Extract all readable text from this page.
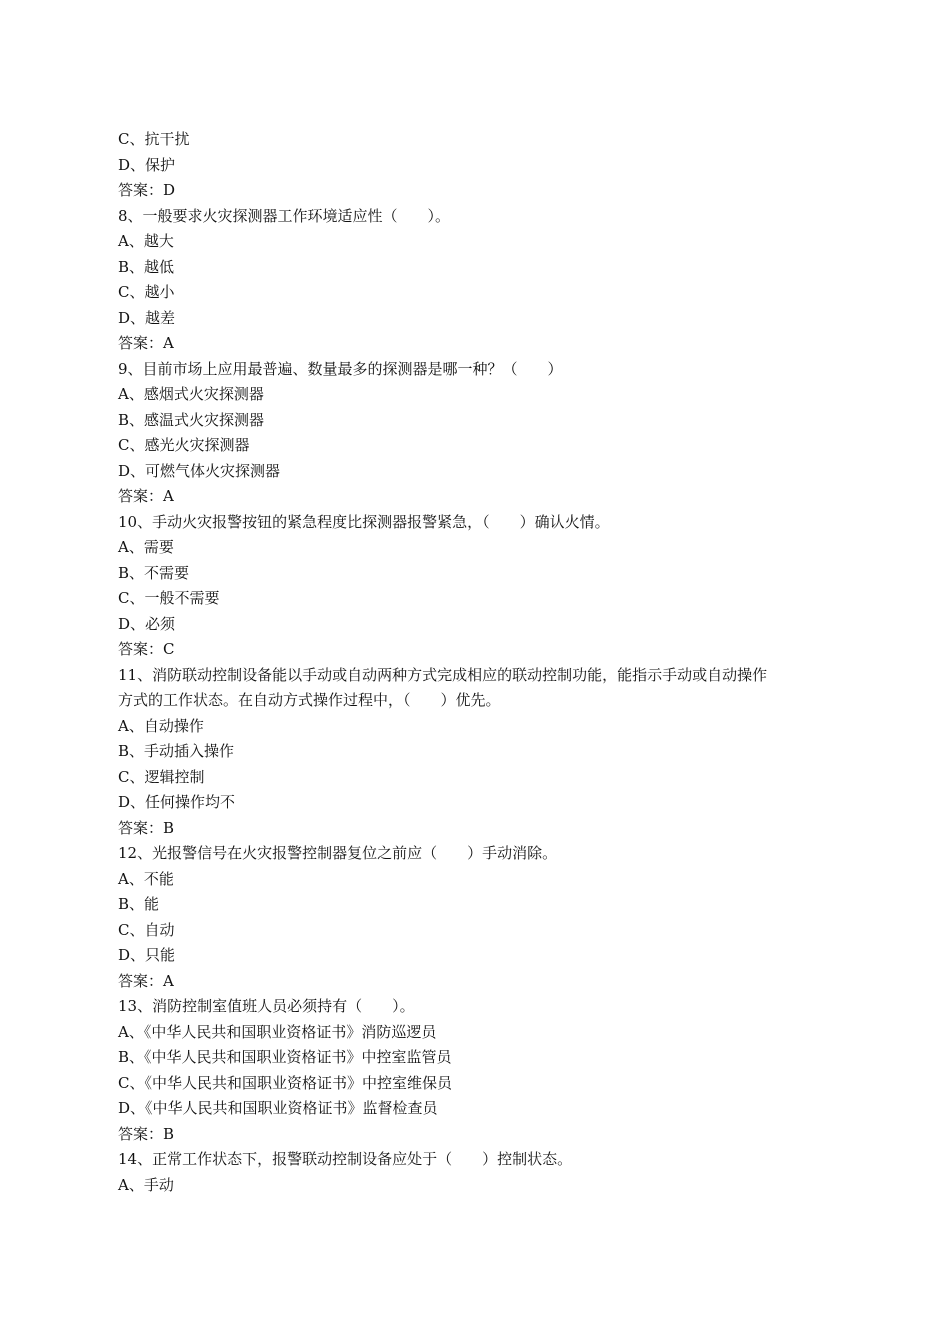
C、抗干扰
D、保护
答案：D
8、一般要求火灾探测器工作环境适应性（　　）。
A、越大
B、越低
C、越小
D、越差
答案：A
9、目前市场上应用最普遍、数量最多的探测器是哪一种？（　　）
A、感烟式火灾探测器
B、感温式火灾探测器
C、感光火灾探测器
D、可燃气体火灾探测器
答案：A
10、手动火灾报警按钮的紧急程度比探测器报警紧急，（　　）确认火情。
A、需要
B、不需要
C、一般不需要
D、必须
答案：C
11、消防联动控制设备能以手动或自动两种方式完成相应的联动控制功能，能指示手动或自动操作
方式的工作状态。在自动方式操作过程中，（　　）优先。
A、自动操作
B、手动插入操作
C、逻辑控制
D、任何操作均不
答案：B
12、光报警信号在火灾报警控制器复位之前应（　　）手动消除。
A、不能
B、能
C、自动
D、只能
答案：A
13、消防控制室值班人员必须持有（　　）。
A、《中华人民共和国职业资格证书》消防巡逻员
B、《中华人民共和国职业资格证书》中控室监管员
C、《中华人民共和国职业资格证书》中控室维保员
D、《中华人民共和国职业资格证书》监督检查员
答案：B
14、正常工作状态下，报警联动控制设备应处于（　　）控制状态。
A、手动
